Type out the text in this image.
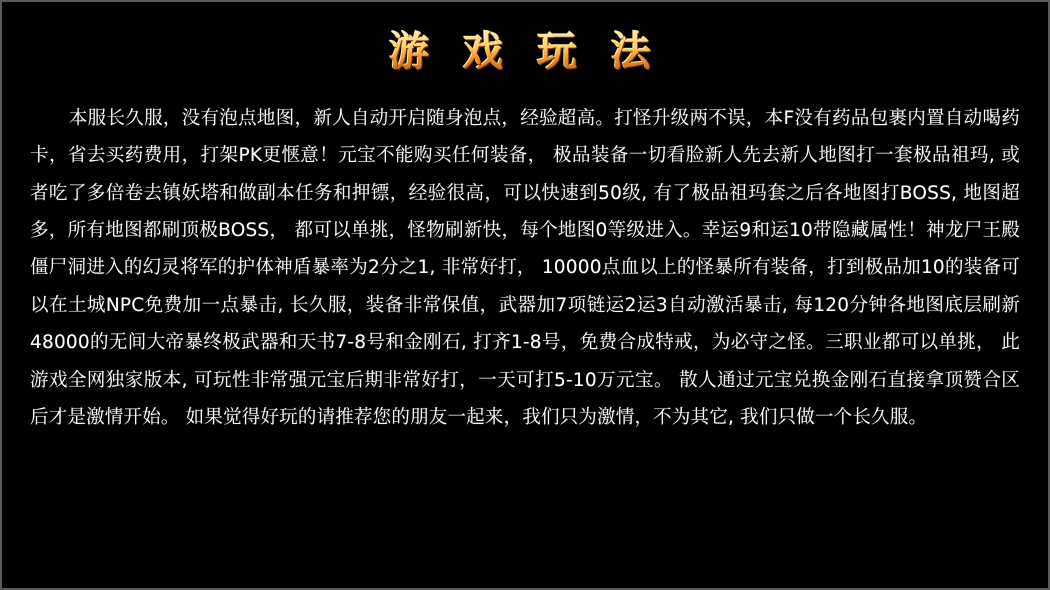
游 戏 玩 法
本服长久服，没有泡点地图，新人自动开启随身泡点，经验超高。打怪升级两不误，本F没有药品包裹内置自动喝药卡，省去买药费用，打架PK更惬意！元宝不能购买任何装备， 极品装备一切看脸新人先去新人地图打一套极品祖玛, 或者吃了多倍卷去镇妖塔和做副本任务和押镖，经验很高，可以快速到50级, 有了极品祖玛套之后各地图打BOSS, 地图超多，所有地图都刷顶极BOSS， 都可以单挑，怪物刷新快，每个地图0等级进入。幸运9和运10带隐藏属性！神龙尸王殿僵尸洞进入的幻灵将军的护体神盾暴率为2分之1, 非常好打， 10000点血以上的怪暴所有装备，打到极品加10的装备可以在土城NPC免费加一点暴击, 长久服，装备非常保值，武器加7项链运2运3自动激活暴击, 每120分钟各地图底层刷新48000的无间大帝暴终极武器和天书7-8号和金刚石, 打齐1-8号，免费合成特戒，为必守之怪。三职业都可以单挑， 此游戏全网独家版本, 可玩性非常强元宝后期非常好打，一天可打5-10万元宝。 散人通过元宝兑换金刚石直接拿顶赞合区后才是激情开始。 如果觉得好玩的请推荐您的朋友一起来，我们只为激情，不为其它, 我们只做一个长久服。
